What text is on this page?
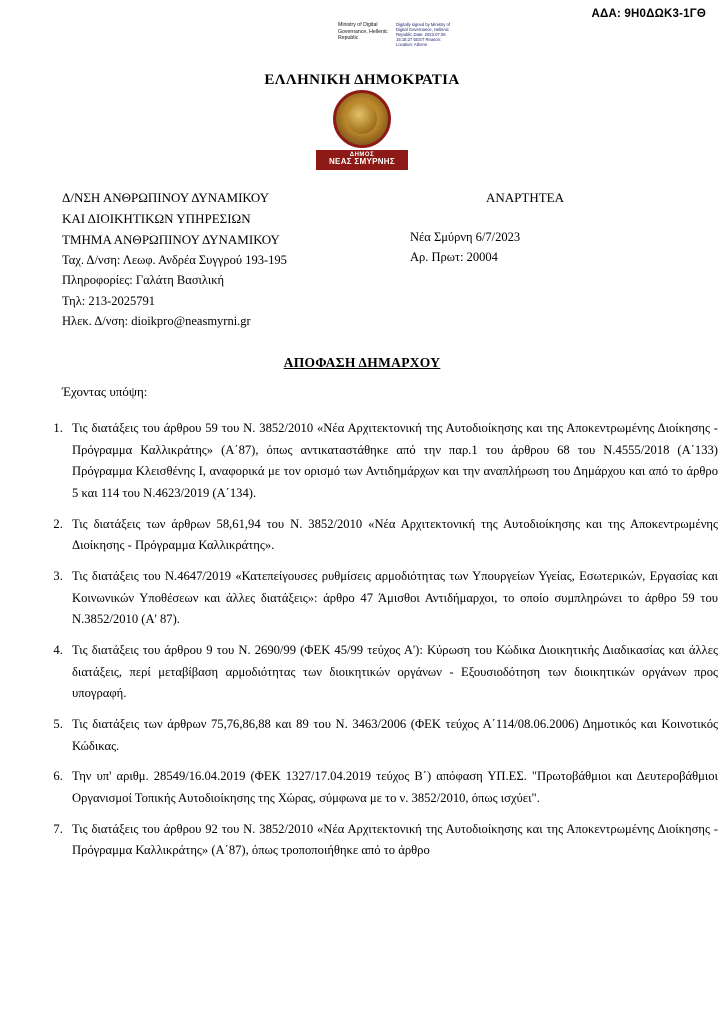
ΑΔΑ: 9Η0ΔΩΚ3-1ΓΘ
Ministry of Digital Governance, Hellenic Republic
Digitally signed by Ministry of Digital Governance, Hellenic Republic Date: 2023.07.06 15:18:27 EEST Reason: Location: Athens
ΕΛΛΗΝΙΚΗ ΔΗΜΟΚΡΑΤΙΑ
ΔΗΜΟΣ
ΝΕΑΣ ΣΜΥΡΝΗΣ
Δ/ΝΣΗ ΑΝΘΡΩΠΙΝΟΥ ΔΥΝΑΜΙΚΟΥ
ΚΑΙ ΔΙΟΙΚΗΤΙΚΩΝ ΥΠΗΡΕΣΙΩΝ
ΤΜΗΜΑ ΑΝΘΡΩΠΙΝΟΥ ΔΥΝΑΜΙΚΟΥ
Ταχ. Δ/νση: Λεωφ. Ανδρέα Συγγρού 193-195
Πληροφορίες: Γαλάτη Βασιλική
Τηλ: 213-2025791
Ηλεκ. Δ/νση: dioikpro@neasmyrni.gr
ΑΝΑΡΤΗΤΕΑ
Νέα Σμύρνη 6/7/2023
Αρ. Πρωτ: 20004
ΑΠΟΦΑΣΗ ΔΗΜΑΡΧΟΥ
Έχοντας υπόψη:
1. Τις διατάξεις του άρθρου 59 του Ν. 3852/2010 «Νέα Αρχιτεκτονική της Αυτοδιοίκησης και της Αποκεντρωμένης Διοίκησης - Πρόγραμμα Καλλικράτης» (Α΄87), όπως αντικαταστάθηκε από την παρ.1 του άρθρου 68 του Ν.4555/2018 (Α΄133) Πρόγραμμα Κλεισθένης Ι, αναφορικά με τον ορισμό των Αντιδημάρχων και την αναπλήρωση του Δημάρχου και από το άρθρο 5 και 114 του Ν.4623/2019 (Α΄134).
2. Τις διατάξεις των άρθρων 58,61,94 του Ν. 3852/2010 «Νέα Αρχιτεκτονική της Αυτοδιοίκησης και της Αποκεντρωμένης Διοίκησης - Πρόγραμμα Καλλικράτης».
3. Τις διατάξεις του Ν.4647/2019 «Κατεπείγουσες ρυθμίσεις αρμοδιότητας των Υπουργείων Υγείας, Εσωτερικών, Εργασίας και Κοινωνικών Υποθέσεων και άλλες διατάξεις»: άρθρο 47 Άμισθοι Αντιδήμαρχοι, το οποίο συμπληρώνει το άρθρο 59 του Ν.3852/2010 (Α' 87).
4. Τις διατάξεις του άρθρου 9 του Ν. 2690/99 (ΦΕΚ 45/99 τεύχος Α'): Κύρωση του Κώδικα Διοικητικής Διαδικασίας και άλλες διατάξεις, περί μεταβίβαση αρμοδιότητας των διοικητικών οργάνων - Εξουσιοδότηση των διοικητικών οργάνων προς υπογραφή.
5. Τις διατάξεις των άρθρων 75,76,86,88 και 89 του Ν. 3463/2006 (ΦΕΚ τεύχος Α΄114/08.06.2006) Δημοτικός και Κοινοτικός Κώδικας.
6. Την υπ' αριθμ. 28549/16.04.2019 (ΦΕΚ 1327/17.04.2019 τεύχος Β΄) απόφαση ΥΠ.ΕΣ. "Πρωτοβάθμιοι και Δευτεροβάθμιοι Οργανισμοί Τοπικής Αυτοδιοίκησης της Χώρας, σύμφωνα με το ν. 3852/2010, όπως ισχύει".
7. Τις διατάξεις του άρθρου 92 του Ν. 3852/2010 «Νέα Αρχιτεκτονική της Αυτοδιοίκησης και της Αποκεντρωμένης Διοίκησης - Πρόγραμμα Καλλικράτης» (Α΄87), όπως τροποποιήθηκε από το άρθρο
